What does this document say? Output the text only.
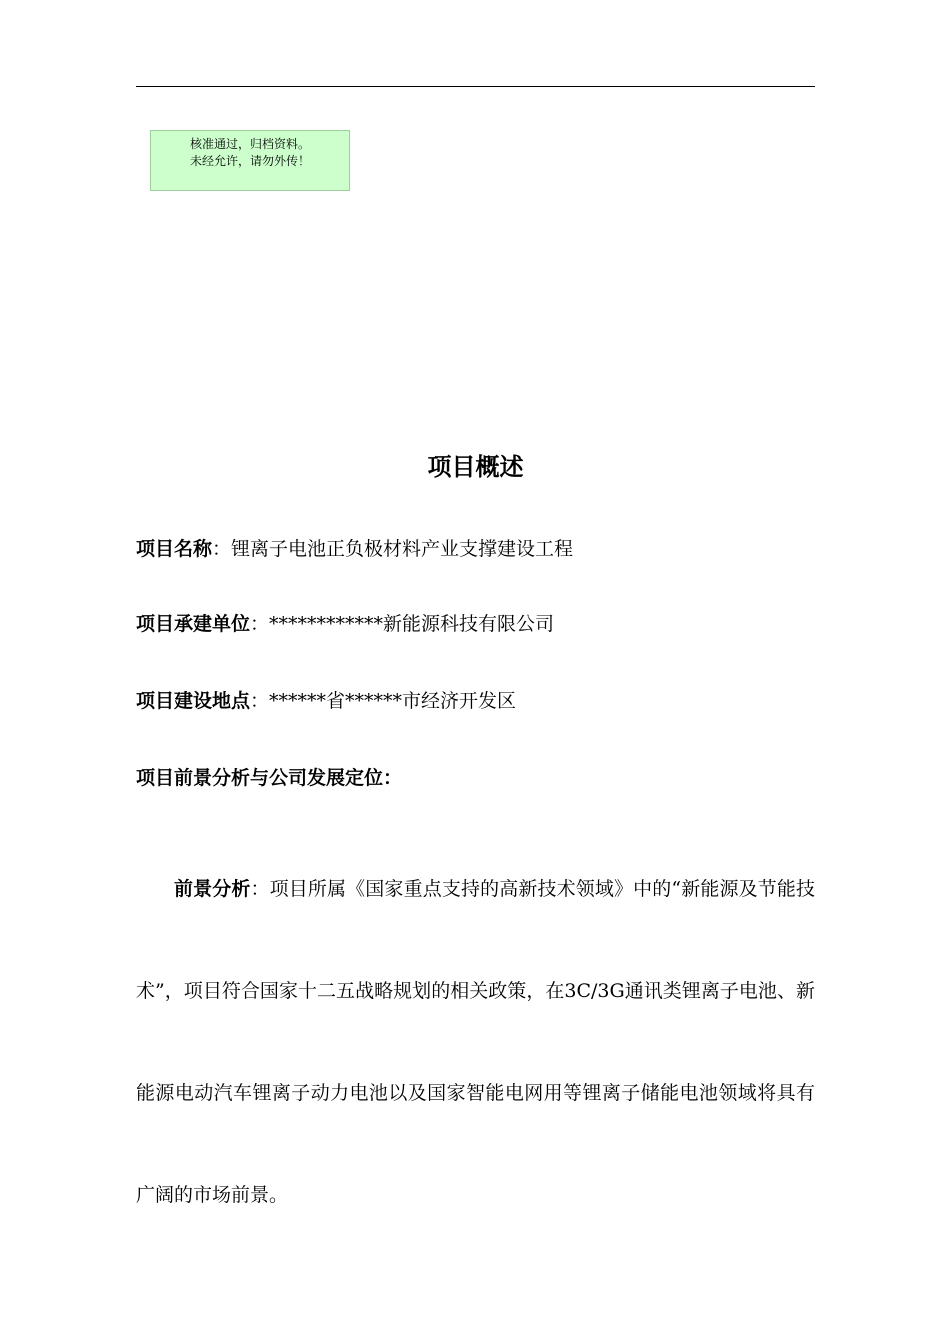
核准通过，归档资料。
未经允许，请勿外传！
项目概述
项目名称：锂离子电池正负极材料产业支撑建设工程
项目承建单位：************新能源科技有限公司
项目建设地点：******省******市经济开发区
项目前景分析与公司发展定位：
前景分析：项目所属《国家重点支持的高新技术领域》中的“新能源及节能技术”，项目符合国家十二五战略规划的相关政策，在3C/3G通讯类锂离子电池、新能源电动汽车锂离子动力电池以及国家智能电网用等锂离子储能电池领域将具有广阔的市场前景。
